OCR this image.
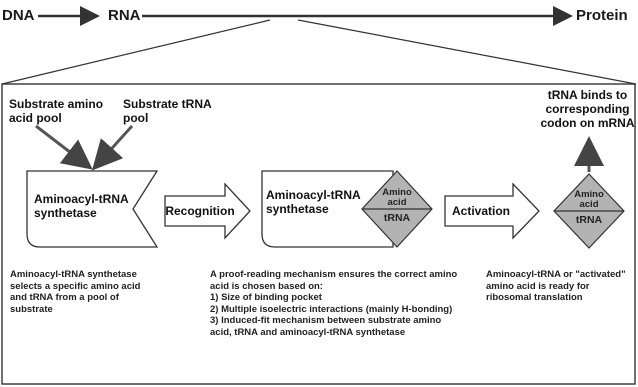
DNA	RNA	Protein
Substrate amino
acid pool
Substrate tRNA
pool
tRNA binds to
corresponding
codon on mRNA
Aminoacyl-tRNA
synthetase
Aminoacyl-tRNA
synthetase
Recognition	Activation
Amino
acid
tRNA
Amino
acid
tRNA
Aminoacyl-tRNA synthetase
selects a specific amino acid
and tRNA from a pool of
substrate
A proof-reading mechanism ensures the correct amino
acid is chosen based on:
1) Size of binding pocket
2) Multiple isoelectric interactions (mainly H-bonding)
3) Induced-fit mechanism between substrate amino
acid, tRNA and aminoacyl-tRNA synthetase
Aminoacyl-tRNA or "activated"
amino acid is ready for
ribosomal translation
